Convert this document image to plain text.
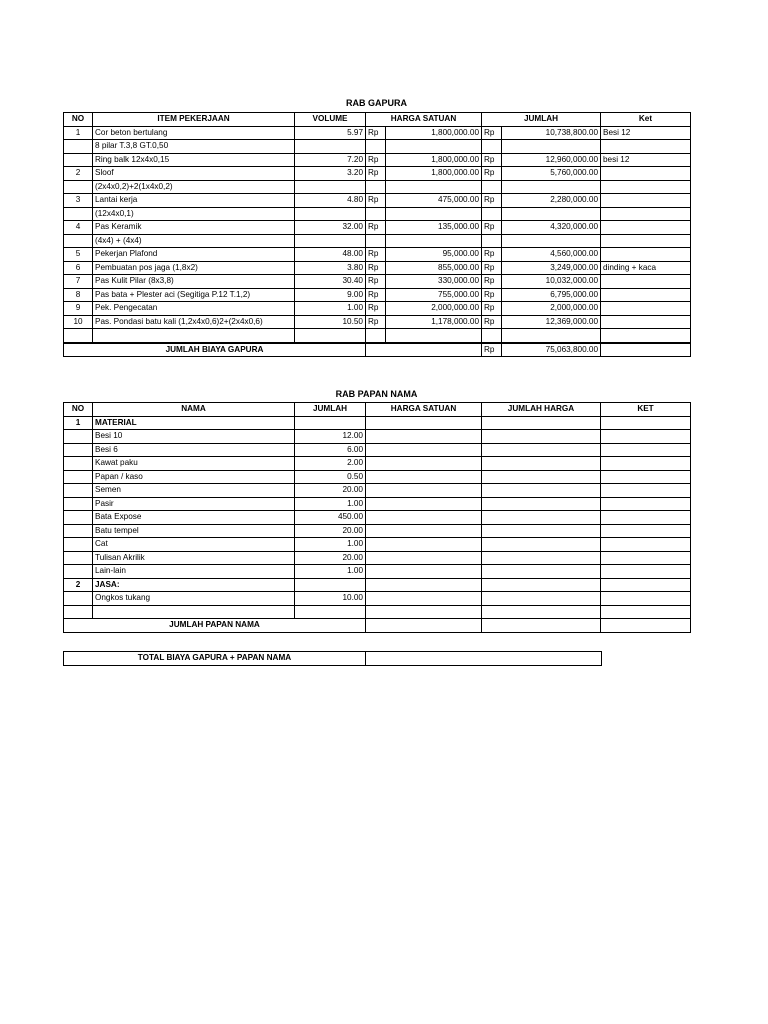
RAB GAPURA
NO	ITEM PEKERJAAN	VOLUME	HARGA SATUAN		JUMLAH		Ket
1	Cor beton bertulang	5.97	Rp	1,800,000.00	Rp	10,738,800.00	Besi 12
	8 pilar T.3,8 GT.0,50						
	Ring balk 12x4x0,15	7.20	Rp	1,800,000.00	Rp	12,960,000.00	besi 12
2	Sloof	3.20	Rp	1,800,000.00	Rp	5,760,000.00	
	(2x4x0,2)+2(1x4x0,2)						
3	Lantai kerja	4.80	Rp	475,000.00	Rp	2,280,000.00	
	(12x4x0,1)						
4	Pas Keramik	32.00	Rp	135,000.00	Rp	4,320,000.00	
	(4x4) + (4x4)						
5	Pekerjan Plafond	48.00	Rp	95,000.00	Rp	4,560,000.00	
6	Pembuatan pos jaga (1,8x2)	3.80	Rp	855,000.00	Rp	3,249,000.00	dinding + kaca
7	Pas Kulit Pilar (8x3,8)	30.40	Rp	330,000.00	Rp	10,032,000.00	
8	Pas bata + Plester aci (Segitiga P.12 T.1,2)	9.00	Rp	755,000.00	Rp	6,795,000.00	
9	Pek. Pengecatan	1.00	Rp	2,000,000.00	Rp	2,000,000.00	
10	Pas. Pondasi batu kali (1,2x4x0,6)2+(2x4x0,6)	10.50	Rp	1,178,000.00	Rp	12,369,000.00	

JUMLAH BIAYA GAPURA					Rp	75,063,800.00	
RAB PAPAN NAMA
NO	NAMA	JUMLAH	HARGA SATUAN	JUMLAH HARGA	KET
1	MATERIAL				
	Besi 10	12.00			
	Besi 6	6.00			
	Kawat paku	2.00			
	Papan / kaso	0.50			
	Semen	20.00			
	Pasir	1.00			
	Bata Expose	450.00			
	Batu tempel	20.00			
	Cat	1.00			
	Tulisan Akrilik	20.00			
	Lain-lain	1.00			
2	JASA:				
	Ongkos tukang	10.00			

JUMLAH PAPAN NAMA					
TOTAL BIAYA GAPURA + PAPAN NAMA	
